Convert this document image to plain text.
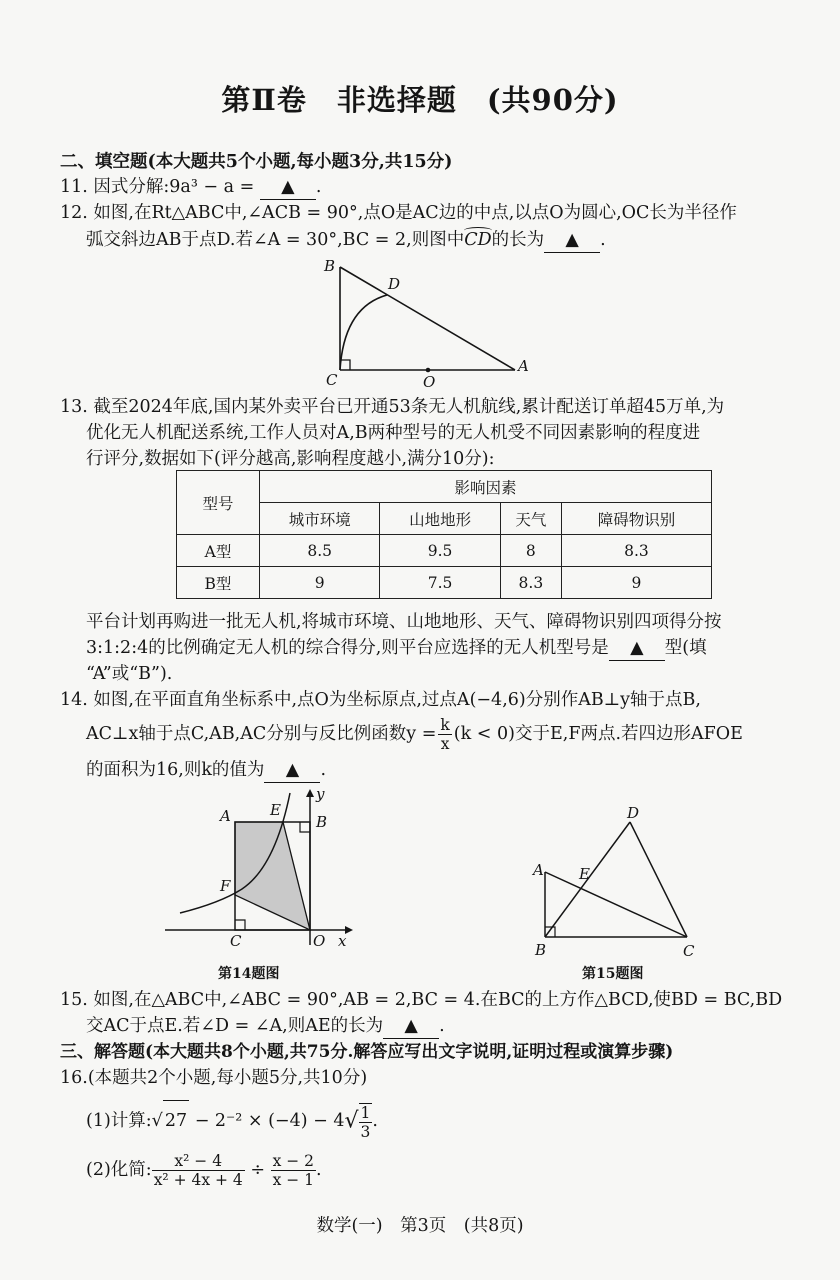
第Ⅱ卷　非选择题　(共90分)
二、填空题(本大题共5个小题,每小题3分,共15分)
11. 因式分解:9a³ − a = ▲ .
12. 如图,在Rt△ABC中,∠ACB = 90°,点O是AC边的中点,以点O为圆心,OC长为半径作
弧交斜边AB于点D.若∠A = 30°,BC = 2,则图中CD的长为 ▲ .
B
D
C	O
A
13. 截至2024年底,国内某外卖平台已开通53条无人机航线,累计配送订单超45万单,为
优化无人机配送系统,工作人员对A,B两种型号的无人机受不同因素影响的程度进
行评分,数据如下(评分越高,影响程度越小,满分10分):
型号	影响因素			
	城市环境	山地地形	天气	障碍物识别
A型	8.5	9.5	8	8.3
B型	9	7.5	8.3	9
平台计划再购进一批无人机,将城市环境、山地地形、天气、障碍物识别四项得分按
3:1:2:4的比例确定无人机的综合得分,则平台应选择的无人机型号是 ▲ 型(填
“A”或“B”).
14. 如图,在平面直角坐标系中,点O为坐标原点,过点A(−4,6)分别作AB⊥y轴于点B,
AC⊥x轴于点C,AB,AC分别与反比例函数$y = \frac{k}{x} (k < 0)$交于E,F两点.若四边形AFOE
的面积为16,则k的值为 ▲ .
A	E
y
B
F
C	O x
第14题图
D
A E
B	C
第15题图
15. 如图,在△ABC中,∠ABC = 90°,AB = 2,BC = 4.在BC的上方作△BCD,使BD = BC,BD
交AC于点E.若∠D = ∠A,则AE的长为 ▲ .
三、解答题(本大题共8个小题,共75分.解答应写出文字说明,证明过程或演算步骤)
16.(本题共2个小题,每小题5分,共10分)
(1)计算:√ $27 - 2^{-2} \times (-4) - 4√ \frac{1}{3}$ .
(2)化简: $\frac{\text{x² − 4}}{\text{x² + 4x + 4}} \div \frac{x - 2}{x - 1}$ .
数学(一)　第3页　(共8页)
